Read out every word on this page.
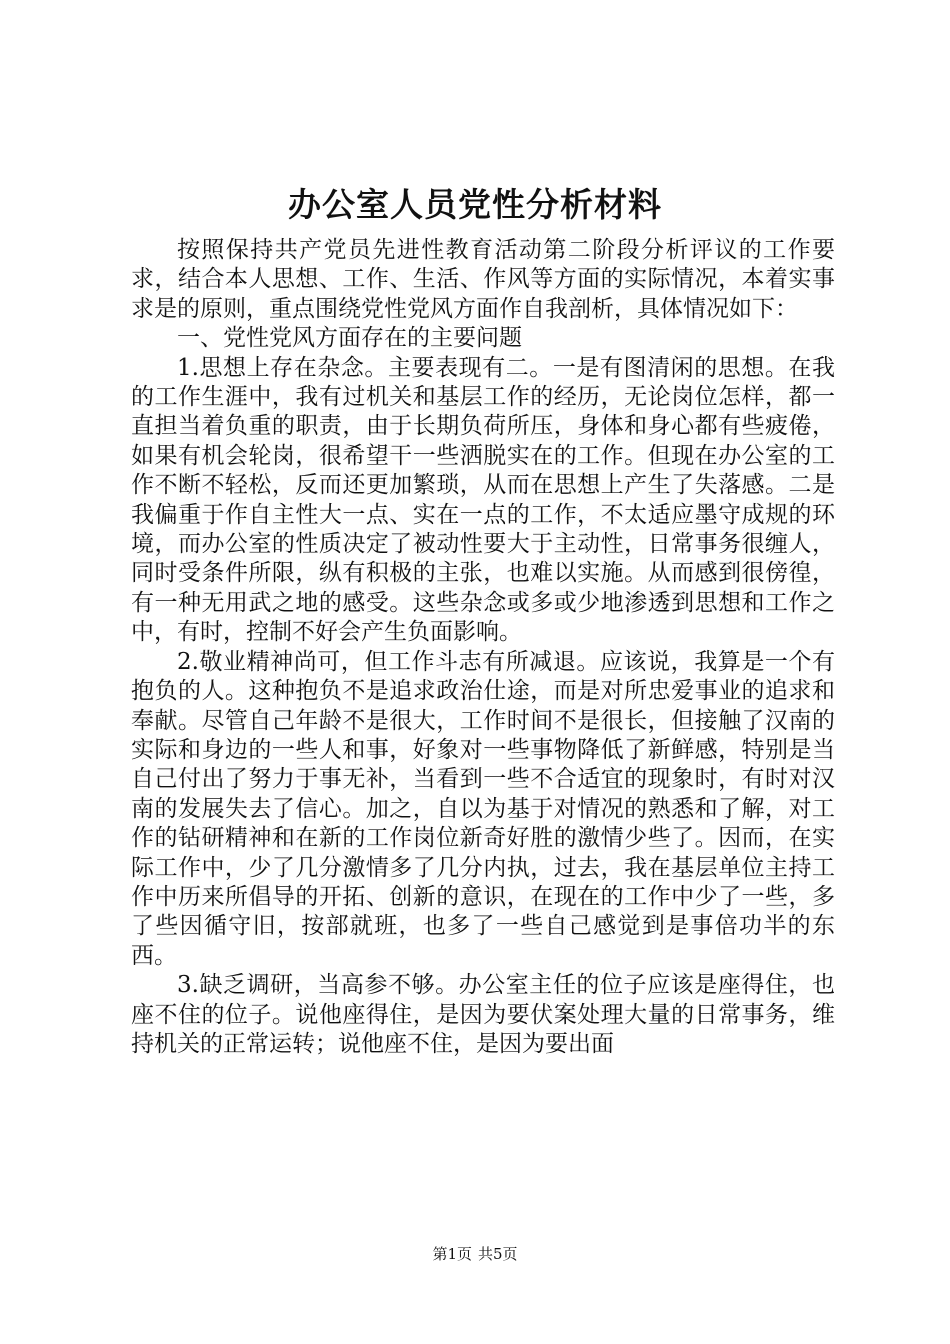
办公室人员党性分析材料

按照保持共产党员先进性教育活动第二阶段分析评议的工作要求，结合本人思想、工作、生活、作风等方面的实际情况，本着实事求是的原则，重点围绕党性党风方面作自我剖析，具体情况如下：

一、党性党风方面存在的主要问题

1.思想上存在杂念。主要表现有二。一是有图清闲的思想。在我的工作生涯中，我有过机关和基层工作的经历，无论岗位怎样，都一直担当着负重的职责，由于长期负荷所压，身体和身心都有些疲倦，如果有机会轮岗，很希望干一些洒脱实在的工作。但现在办公室的工作不断不轻松，反而还更加繁琐，从而在思想上产生了失落感。二是我偏重于作自主性大一点、实在一点的工作，不太适应墨守成规的环境，而办公室的性质决定了被动性要大于主动性，日常事务很缠人，同时受条件所限，纵有积极的主张，也难以实施。从而感到很傍徨，有一种无用武之地的感受。这些杂念或多或少地渗透到思想和工作之中，有时，控制不好会产生负面影响。

2.敬业精神尚可，但工作斗志有所减退。应该说，我算是一个有抱负的人。这种抱负不是追求政治仕途，而是对所忠爱事业的追求和奉献。尽管自己年龄不是很大，工作时间不是很长，但接触了汉南的实际和身边的一些人和事，好象对一些事物降低了新鲜感，特别是当自己付出了努力于事无补，当看到一些不合适宜的现象时，有时对汉南的发展失去了信心。加之，自以为基于对情况的熟悉和了解，对工作的钻研精神和在新的工作岗位新奇好胜的激情少些了。因而，在实际工作中，少了几分激情多了几分内执，过去，我在基层单位主持工作中历来所倡导的开拓、创新的意识，在现在的工作中少了一些，多了些因循守旧，按部就班，也多了一些自己感觉到是事倍功半的东西。

3.缺乏调研，当高参不够。办公室主任的位子应该是座得住，也座不住的位子。说他座得住，是因为要伏案处理大量的日常事务，维持机关的正常运转；说他座不住，是因为要出面

第1页 共5页
